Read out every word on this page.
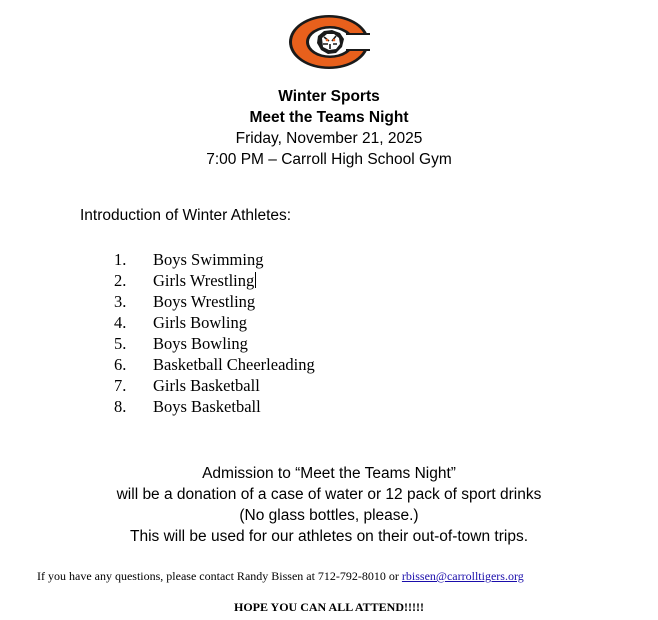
Winter Sports
Meet the Teams Night
Friday, November 21, 2025
7:00 PM – Carroll High School Gym
Introduction of Winter Athletes:
1.	Boys Swimming
2.	Girls Wrestling
3.	Boys Wrestling
4.	Girls Bowling
5.	Boys Bowling
6.	Basketball Cheerleading
7.	Girls Basketball
8.	Boys Basketball
Admission to “Meet the Teams Night”
will be a donation of a case of water or 12 pack of sport drinks
(No glass bottles, please.)
This will be used for our athletes on their out-of-town trips.
If you have any questions, please contact Randy Bissen at 712-792-8010 or rbissen@carrolltigers.org
HOPE YOU CAN ALL ATTEND!!!!!
